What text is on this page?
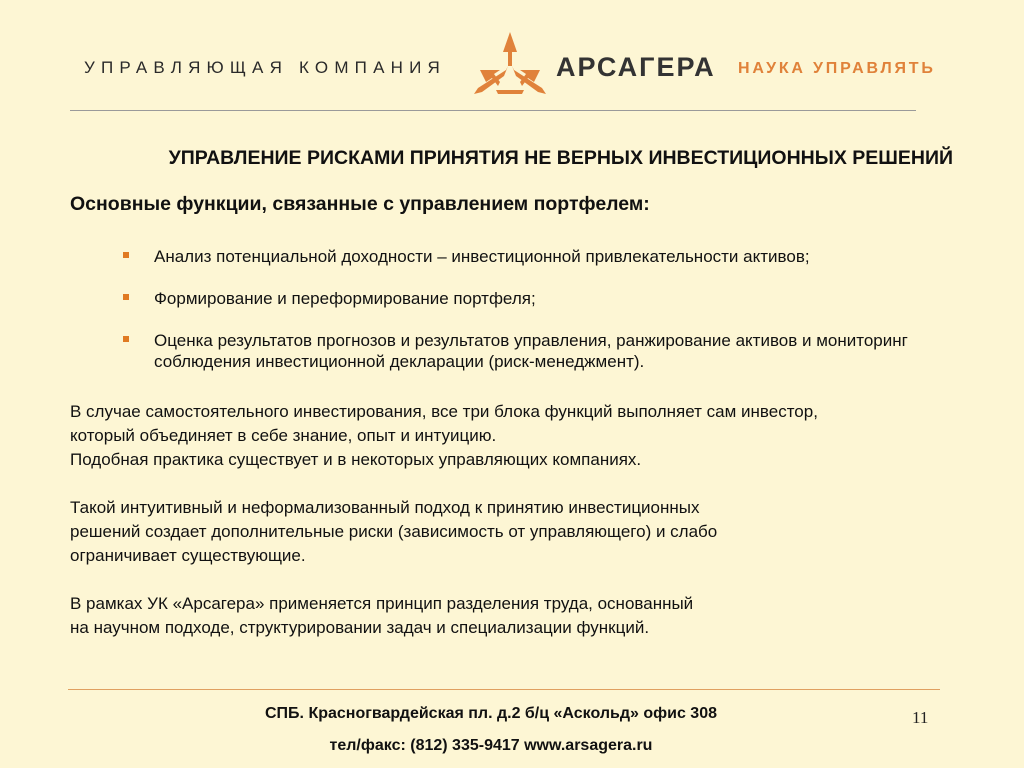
УПРАВЛЯЮЩАЯ КОМПАНИЯ	АРСАГЕРА НАУКА УПРАВЛЯТЬ
УПРАВЛЕНИЕ РИСКАМИ ПРИНЯТИЯ НЕ ВЕРНЫХ ИНВЕСТИЦИОННЫХ РЕШЕНИЙ
Основные функции, связанные с управлением портфелем:
Анализ потенциальной доходности – инвестиционной привлекательности активов;
Формирование и переформирование портфеля;
Оценка результатов прогнозов и результатов управления, ранжирование активов и мониторинг соблюдения инвестиционной декларации (риск-менеджмент).

В случае самостоятельного инвестирования, все три блока функций выполняет сам инвестор,
который объединяет в себе знание, опыт и интуицию.
Подобная практика существует и в некоторых управляющих компаниях.

Такой интуитивный и неформализованный подход к принятию инвестиционных
решений создает дополнительные риски (зависимость от управляющего) и слабо
ограничивает существующие.

В рамках УК «Арсагера» применяется принцип разделения труда, основанный
на научном подходе, структурировании задач и специализации функций.

СПБ. Красногвардейская пл. д.2 б/ц «Аскольд» офис 308
тел/факс: (812) 335-9417 www.arsagera.ru
11
